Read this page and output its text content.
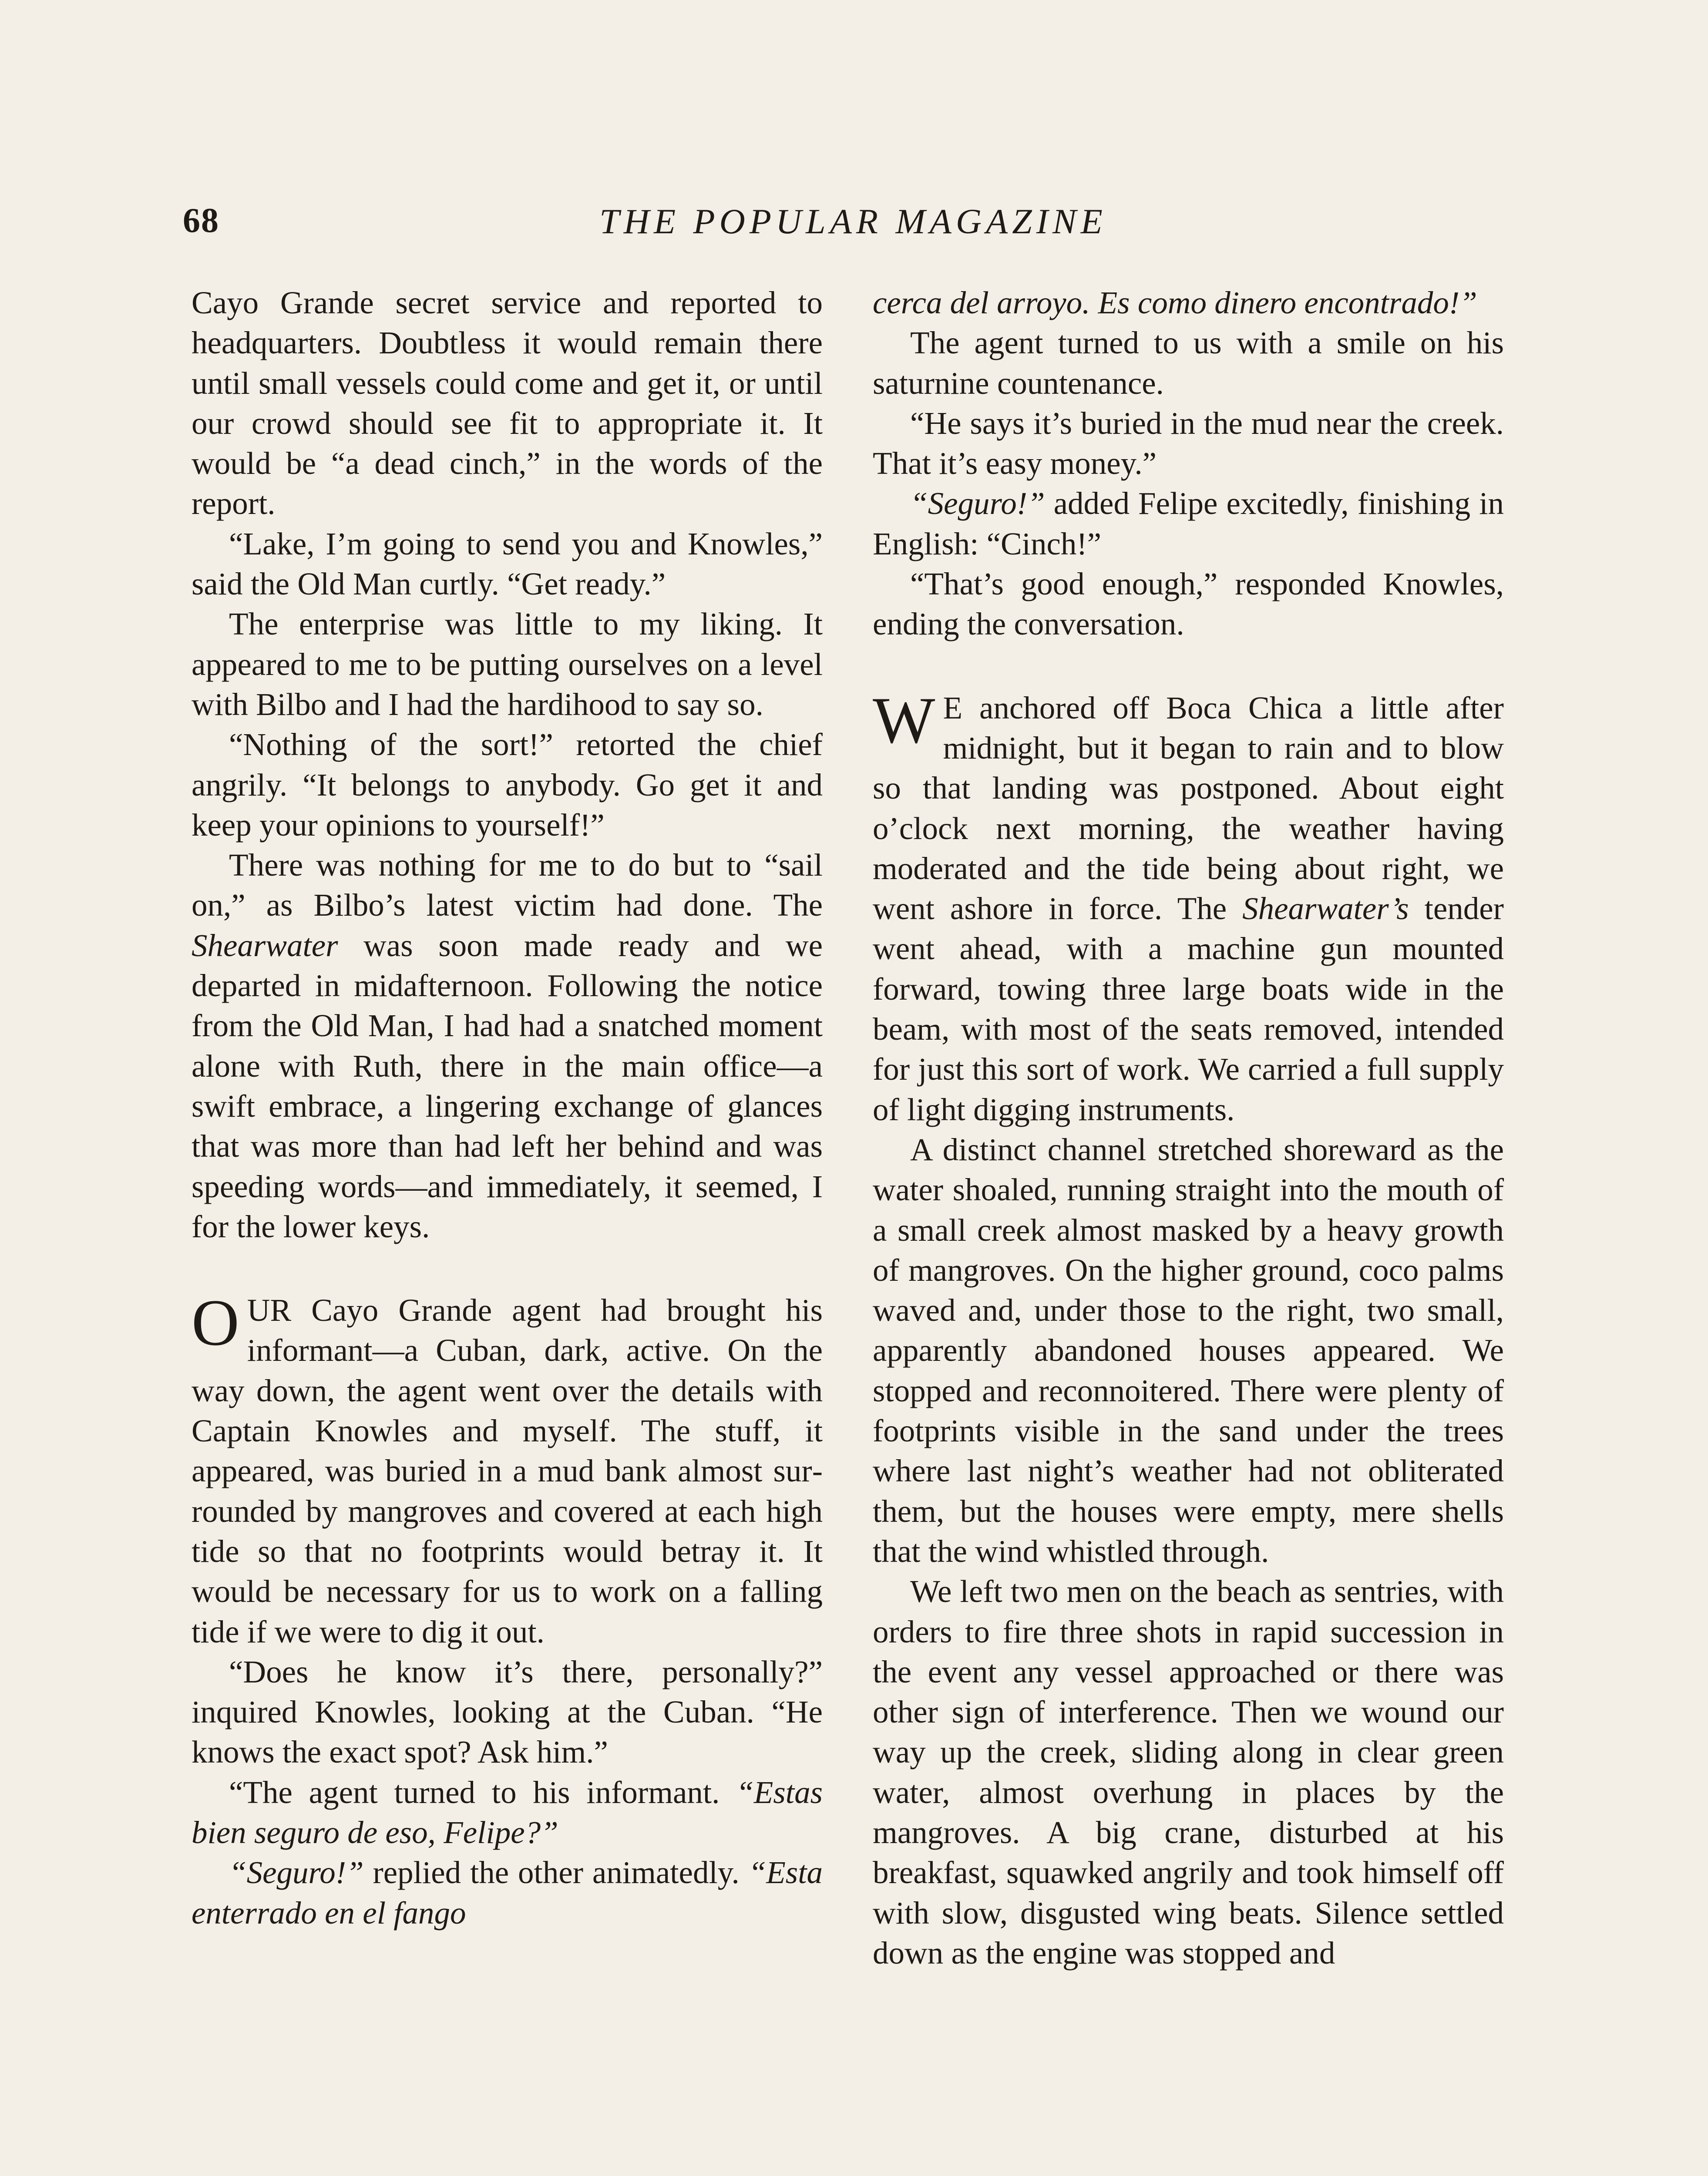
68	THE POPULAR MAGAZINE

Cayo Grande secret service and reported to headquarters. Doubtless it would remain there until small vessels could come and get it, or until our crowd should see fit to appropriate it. It would be “a dead cinch,” in the words of the report.

“Lake, I’m going to send you and Knowles,” said the Old Man curtly. “Get ready.”

The enterprise was little to my liking. It appeared to me to be putting ourselves on a level with Bilbo and I had the hardihood to say so.

“Nothing of the sort!” retorted the chief angrily. “It belongs to anybody. Go get it and keep your opinions to yourself!”

There was nothing for me to do but to “sail on,” as Bilbo’s latest victim had done. The Shearwater was soon made ready and we departed in midafternoon. Following the notice from the Old Man, I had had a snatched moment alone with Ruth, there in the main office—a swift embrace, a lingering exchange of glances that was more than had left her behind and was speeding words—and immediately, it seemed, I for the lower keys.

OUR Cayo Grande agent had brought his informant—a Cuban, dark, active. On the way down, the agent went over the details with Captain Knowles and myself. The stuff, it appeared, was buried in a mud bank almost surrounded by mangroves and covered at each high tide so that no footprints would betray it. It would be necessary for us to work on a falling tide if we were to dig it out.

“Does he know it’s there, personally?” inquired Knowles, looking at the Cuban. “He knows the exact spot? Ask him.”

“The agent turned to his informant. “Estas bien seguro de eso, Felipe?”

“Seguro!” replied the other animatedly. “Esta enterrado en el fango

cerca del arroyo. Es como dinero encontrado!”

The agent turned to us with a smile on his saturnine countenance.

“He says it’s buried in the mud near the creek. That it’s easy money.”

“Seguro!” added Felipe excitedly, finishing in English: “Cinch!”

“That’s good enough,” responded Knowles, ending the conversation.

W E anchored off Boca Chica a little after midnight, but it began to rain and to blow so that landing was postponed. About eight o’clock next morning, the weather having moderated and the tide being about right, we went ashore in force. The Shearwater’s tender went ahead, with a machine gun mounted forward, towing three large boats wide in the beam, with most of the seats removed, intended for just this sort of work. We carried a full supply of light digging instruments.

A distinct channel stretched shoreward as the water shoaled, running straight into the mouth of a small creek almost masked by a heavy growth of mangroves. On the higher ground, coco palms waved and, under those to the right, two small, apparently abandoned houses appeared. We stopped and reconnoitered. There were plenty of footprints visible in the sand under the trees where last night’s weather had not obliterated them, but the houses were empty, mere shells that the wind whistled through.

We left two men on the beach as sentries, with orders to fire three shots in rapid succession in the event any vessel approached or there was other sign of interference. Then we wound our way up the creek, sliding along in clear green water, almost overhung in places by the mangroves. A big crane, disturbed at his breakfast, squawked angrily and took himself off with slow, disgusted wing beats. Silence settled down as the engine was stopped and
